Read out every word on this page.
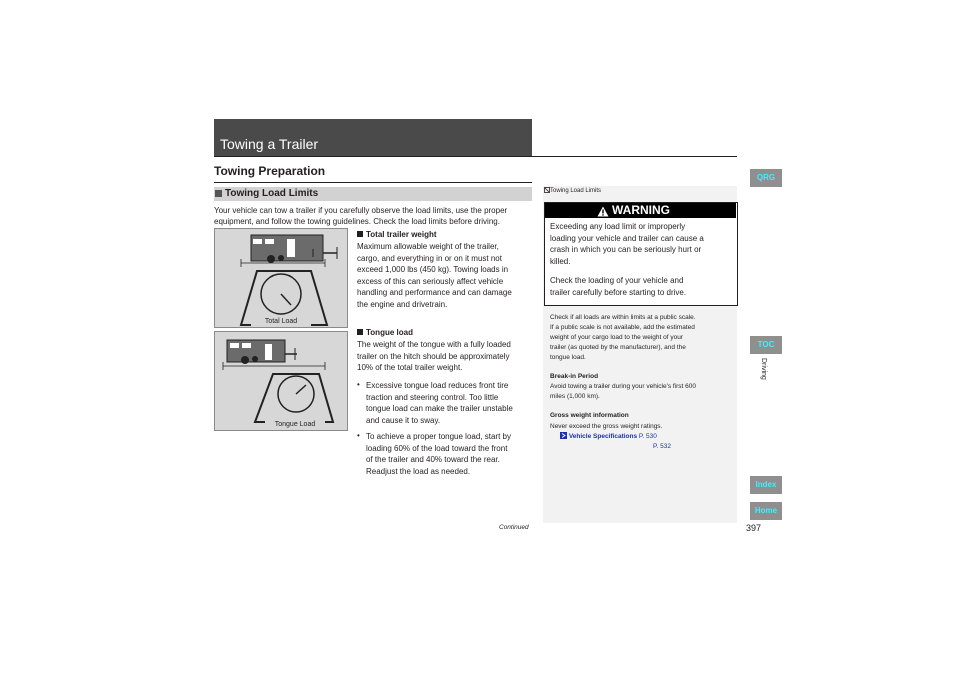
Towing a Trailer
Towing Preparation
Towing Load Limits
Your vehicle can tow a trailer if you carefully observe the load limits, use the proper equipment, and follow the towing guidelines. Check the load limits before driving.
Total Load
Tongue Load
Total trailer weight
Maximum allowable weight of the trailer,
cargo, and everything in or on it must not
exceed 1,000 lbs (450 kg). Towing loads in
excess of this can seriously affect vehicle
handling and performance and can damage
the engine and drivetrain.
Tongue load
The weight of the tongue with a fully loaded
trailer on the hitch should be approximately
10% of the total trailer weight.
• Excessive tongue load reduces front tire
traction and steering control. Too little
tongue load can make the trailer unstable
and cause it to sway.
• To achieve a proper tongue load, start by
loading 60% of the load toward the front
of the trailer and 40% toward the rear.
Readjust the load as needed.
Towing Load Limits
WARNING
Exceeding any load limit or improperly
loading your vehicle and trailer can cause a
crash in which you can be seriously hurt or
killed.
Check the loading of your vehicle and
trailer carefully before starting to drive.
Check if all loads are within limits at a public scale.
If a public scale is not available, add the estimated
weight of your cargo load to the weight of your
trailer (as quoted by the manufacturer), and the
tongue load.
Break-in Period
Avoid towing a trailer during your vehicle's first 600
miles (1,000 km).
Gross weight information
Never exceed the gross weight ratings.
Vehicle Specifications P. 530
P. 532
QRG
TOC
Driving
Index
Home
Continued	397
